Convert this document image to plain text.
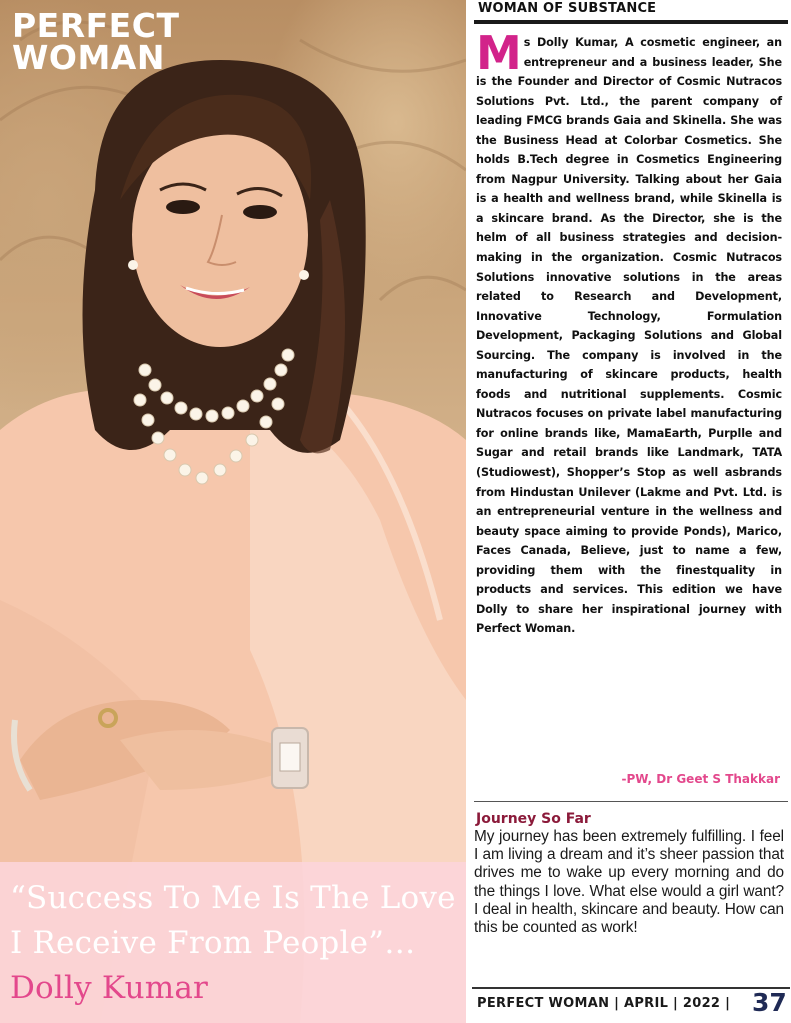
PERFECT
WOMAN

“Success To Me Is The Love I Receive From People”… Dolly Kumar

WOMAN OF SUBSTANCE

Ms Dolly Kumar, A cosmetic engineer, an entrepreneur and a business leader, She is the Founder and Director of Cosmic Nutracos Solutions Pvt. Ltd., the parent company of leading FMCG brands Gaia and Skinella. She was the Business Head at Colorbar Cosmetics. She holds B.Tech degree in Cosmetics Engineering from Nagpur University. Talking about her Gaia is a health and wellness brand, while Skinella is a skincare brand. As the Director, she is the helm of all business strategies and decision-making in the organization. Cosmic Nutracos Solutions innovative solutions in the areas related to Research and Development, Innovative Technology, Formulation Development, Packaging Solutions and Global Sourcing. The company is involved in the manufacturing of skincare products, health foods and nutritional supplements. Cosmic Nutracos focuses on private label manufacturing for online brands like, MamaEarth, Purplle and Sugar and retail brands like Landmark, TATA (Studiowest), Shopper’s Stop as well asbrands from Hindustan Unilever (Lakme and Pvt. Ltd. is an entrepreneurial venture in the wellness and beauty space aiming to provide Ponds), Marico, Faces Canada, Believe, just to name a few, providing them with the finestquality in products and services. This edition we have Dolly to share her inspirational journey with Perfect Woman.

-PW, Dr Geet S Thakkar

Journey So Far

My journey has been extremely fulfilling. I feel I am living a dream and it’s sheer passion that drives me to wake up every morning and do the things I love. What else would a girl want? I deal in health, skincare and beauty. How can this be counted as work!

PERFECT WOMAN | APRIL | 2022 | 37
